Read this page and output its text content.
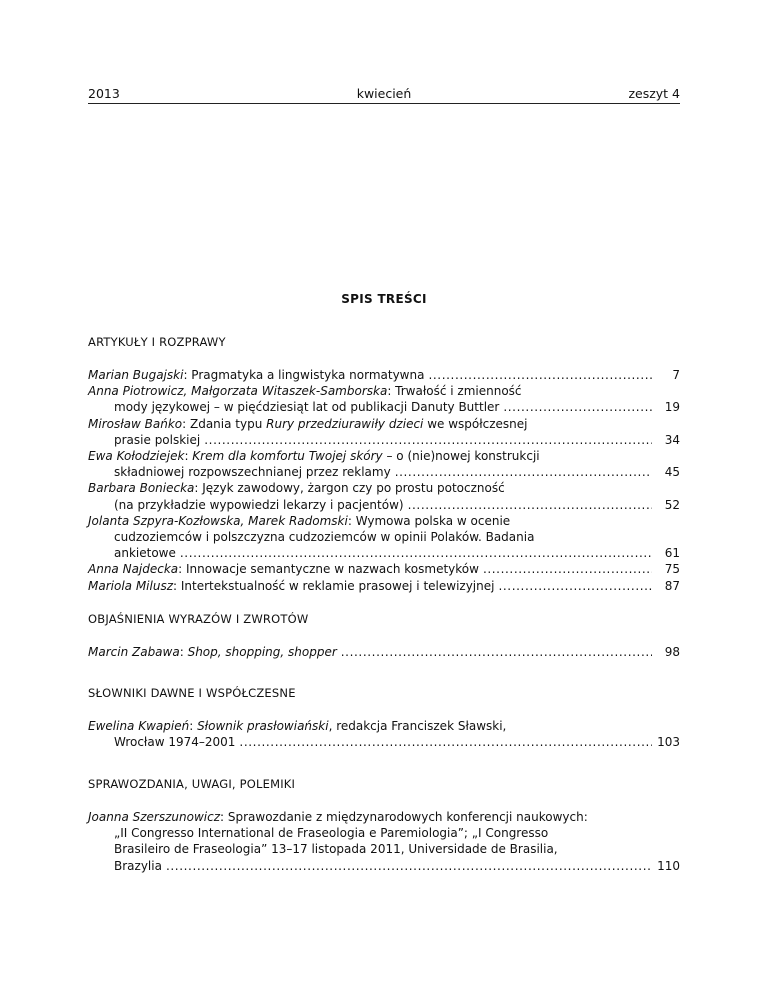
2013	kwiecień	zeszyt 4
SPIS TREŚCI
ARTYKUŁY I ROZPRAWY
Marian Bugajski: Pragmatyka a lingwistyka normatywna .....	7
Anna Piotrowicz, Małgorzata Witaszek-Samborska: Trwałość i zmienność
mody językowej – w pięćdziesiąt lat od publikacji Danuty Buttler .....	19
Mirosław Bańko: Zdania typu Rury przedziurawiły dzieci we współczesnej
prasie polskiej .....	34
Ewa Kołodziejek: Krem dla komfortu Twojej skóry – o (nie)nowej konstrukcji
składniowej rozpowszechnianej przez reklamy .....	45
Barbara Boniecka: Język zawodowy, żargon czy po prostu potoczność
(na przykładzie wypowiedzi lekarzy i pacjentów) .....	52
Jolanta Szpyra-Kozłowska, Marek Radomski: Wymowa polska w ocenie
cudzoziemców i polszczyzna cudzoziemców w opinii Polaków. Badania
ankietowe .....	61
Anna Najdecka: Innowacje semantyczne w nazwach kosmetyków .....	75
Mariola Milusz: Intertekstualność w reklamie prasowej i telewizyjnej .....	87
OBJAŚNIENIA WYRAZÓW I ZWROTÓW
Marcin Zabawa: Shop, shopping, shopper .....	98
SŁOWNIKI DAWNE I WSPÓŁCZESNE
Ewelina Kwapień: Słownik prasłowiański, redakcja Franciszek Sławski,
Wrocław 1974–2001 .....	103
SPRAWOZDANIA, UWAGI, POLEMIKI
Joanna Szerszunowicz: Sprawozdanie z międzynarodowych konferencji naukowych:
„II Congresso International de Fraseologia e Paremiologia”; „I Congresso
Brasileiro de Fraseologia” 13–17 listopada 2011, Universidade de Brasilia,
Brazylia .....	110
